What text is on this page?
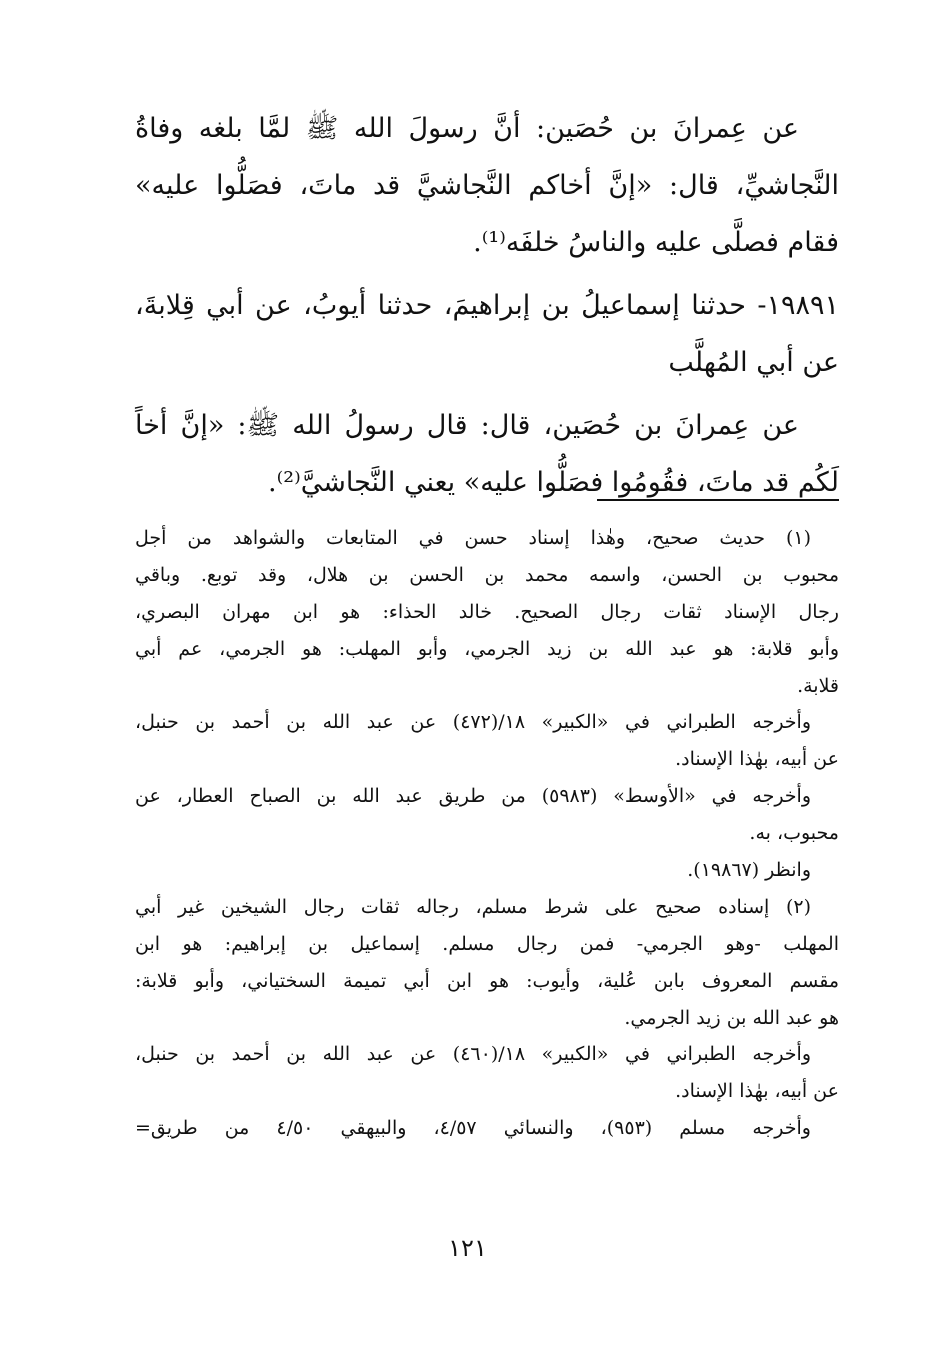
عن عِمرانَ بن حُصَين: أنَّ رسولَ الله ﷺ لمَّا بلغه وفاةُ
النَّجاشيِّ، قال: «إنَّ أخاكم النَّجاشيَّ قد ماتَ، فصَلُّوا عليه»
فقام فصلَّى عليه والناسُ خلفَه⁽¹⁾.
١٩٨٩١- حدثنا إسماعيلُ بن إبراهيمَ، حدثنا أيوبُ، عن أبي قِلابةَ،
عن أبي المُهلَّب
عن عِمرانَ بن حُصَين، قال: قال رسولُ الله ﷺ: «إنَّ أخاً
لَكُم قد ماتَ، فقُومُوا فصَلُّوا عليه» يعني النَّجاشيَّ⁽²⁾.
(١) حديث صحيح، وهٰذا إسناد حسن في المتابعات والشواهد من أجل
محبوب بن الحسن، واسمه محمد بن الحسن بن هلال، وقد توبع. وباقي
رجال الإسناد ثقات رجال الصحيح. خالد الحذاء: هو ابن مهران البصري،
وأبو قلابة: هو عبد الله بن زيد الجرمي، وأبو المهلب: هو الجرمي، عم أبي
قلابة.
وأخرجه الطبراني في «الكبير» ١٨/(٤٧٢) عن عبد الله بن أحمد بن حنبل،
عن أبيه، بهٰذا الإسناد.
وأخرجه في «الأوسط» (٥٩٨٣) من طريق عبد الله بن الصباح العطار، عن
محبوب، به.
وانظر (١٩٨٦٧).
(٢) إسناده صحيح على شرط مسلم، رجاله ثقات رجال الشيخين غير أبي
المهلب -وهو الجرمي- فمن رجال مسلم. إسماعيل بن إبراهيم: هو ابن
مقسم المعروف بابن عُلية، وأيوب: هو ابن أبي تميمة السختياني، وأبو قلابة:
هو عبد الله بن زيد الجرمي.
وأخرجه الطبراني في «الكبير» ١٨/(٤٦٠) عن عبد الله بن أحمد بن حنبل،
عن أبيه، بهٰذا الإسناد.
وأخرجه مسلم (٩٥٣)، والنسائي ٤/٥٧، والبيهقي ٤/٥٠ من طريق=
١٢١
